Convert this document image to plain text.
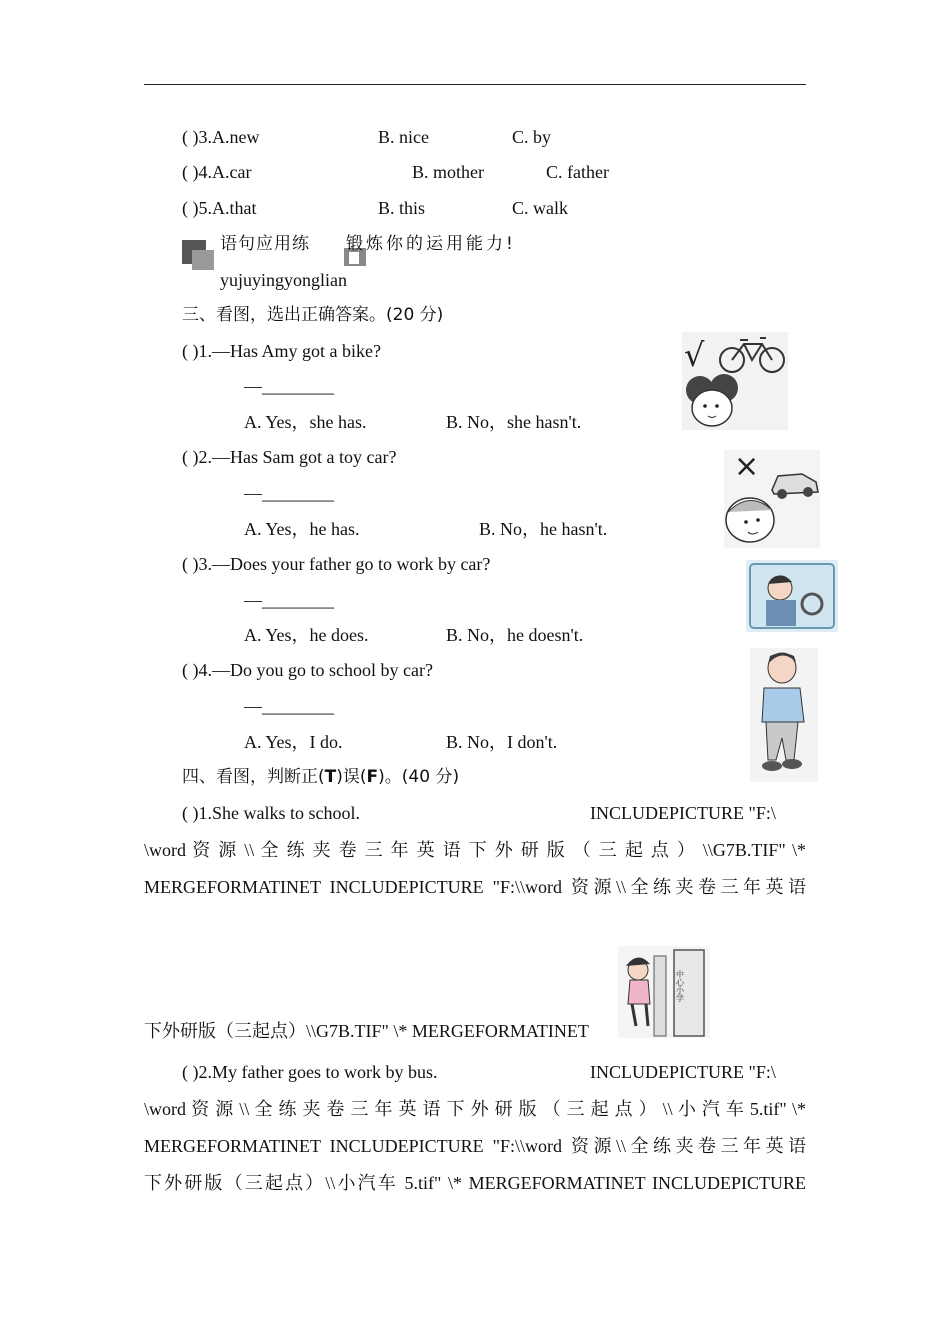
( )3.A.new	B. nice	C. by
( )4.A.car	B. mother	C. father
( )5.A.that	B. this	C. walk
语句应用练 锻炼你的运用能力!
yujuyingyonglian
三、看图，选出正确答案。(20 分)
( )1.—Has Amy got a bike?
—________
A. Yes，she has.	B. No，she hasn't.
( )2.—Has Sam got a toy car?
—________
A. Yes，he has.	B. No，he hasn't.
( )3.—Does your father go to work by car?
—________
A. Yes，he does.	B. No，he doesn't.
( )4.—Do you go to school by car?
—________
A. Yes，I do.	B. No，I don't.
√
×
四、看图，判断正(T)误(F)。(40 分)
( )1.She walks to school.	INCLUDEPICTURE "F:\
\word 资 源 \\ 全 练 夹 卷 三 年 英 语 下 外 研 版 （ 三 起 点 ） \\G7B.TIF" \*
MERGEFORMATINET INCLUDEPICTURE "F:\\word 资源\\全练夹卷三年英语
下外研版（三起点）\\G7B.TIF" \* MERGEFORMATINET
中心小学
( )2.My father goes to work by bus.	INCLUDEPICTURE "F:\
\word 资 源 \\ 全 练 夹 卷 三 年 英 语 下 外 研 版 （ 三 起 点 ） \\ 小 汽 车 5.tif" \*
MERGEFORMATINET INCLUDEPICTURE "F:\\word 资源\\全练夹卷三年英语
下外研版（三起点）\\小汽车 5.tif" \* MERGEFORMATINET INCLUDEPICTURE
